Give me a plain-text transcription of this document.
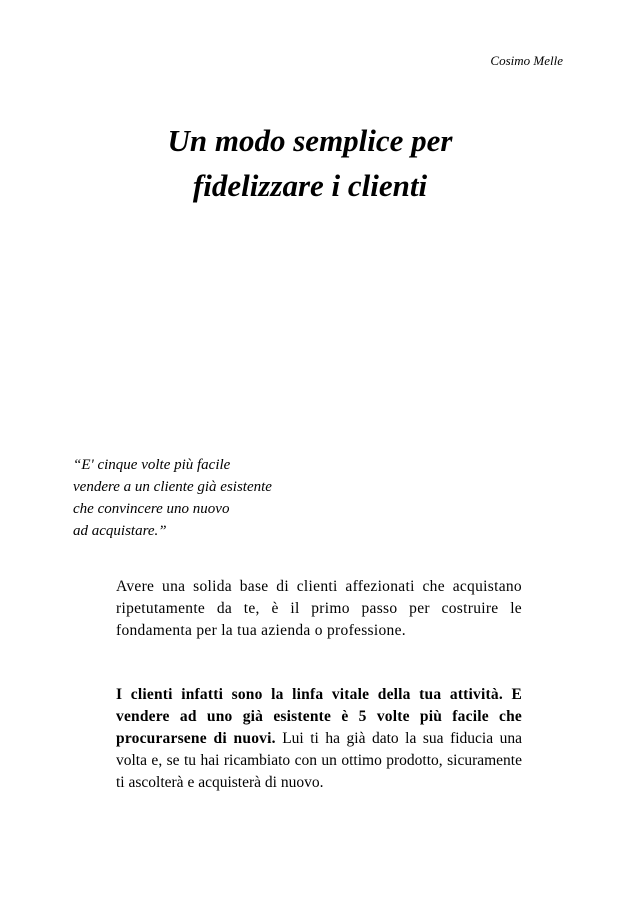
Cosimo Melle
Un modo semplice per
fidelizzare i clienti
“E' cinque volte più facile
vendere a un cliente già esistente
che convincere uno nuovo
ad acquistare.”

Avere una solida base di clienti affezionati che acquistano ripetutamente da te, è il primo passo per costruire le fondamenta per la tua azienda o professione.

I clienti infatti sono la linfa vitale della tua attività. E vendere ad uno già esistente è 5 volte più facile che procurarsene di nuovi. Lui ti ha già dato la sua fiducia una volta e, se tu hai ricambiato con un ottimo prodotto, sicuramente ti ascolterà e acquisterà di nuovo.
